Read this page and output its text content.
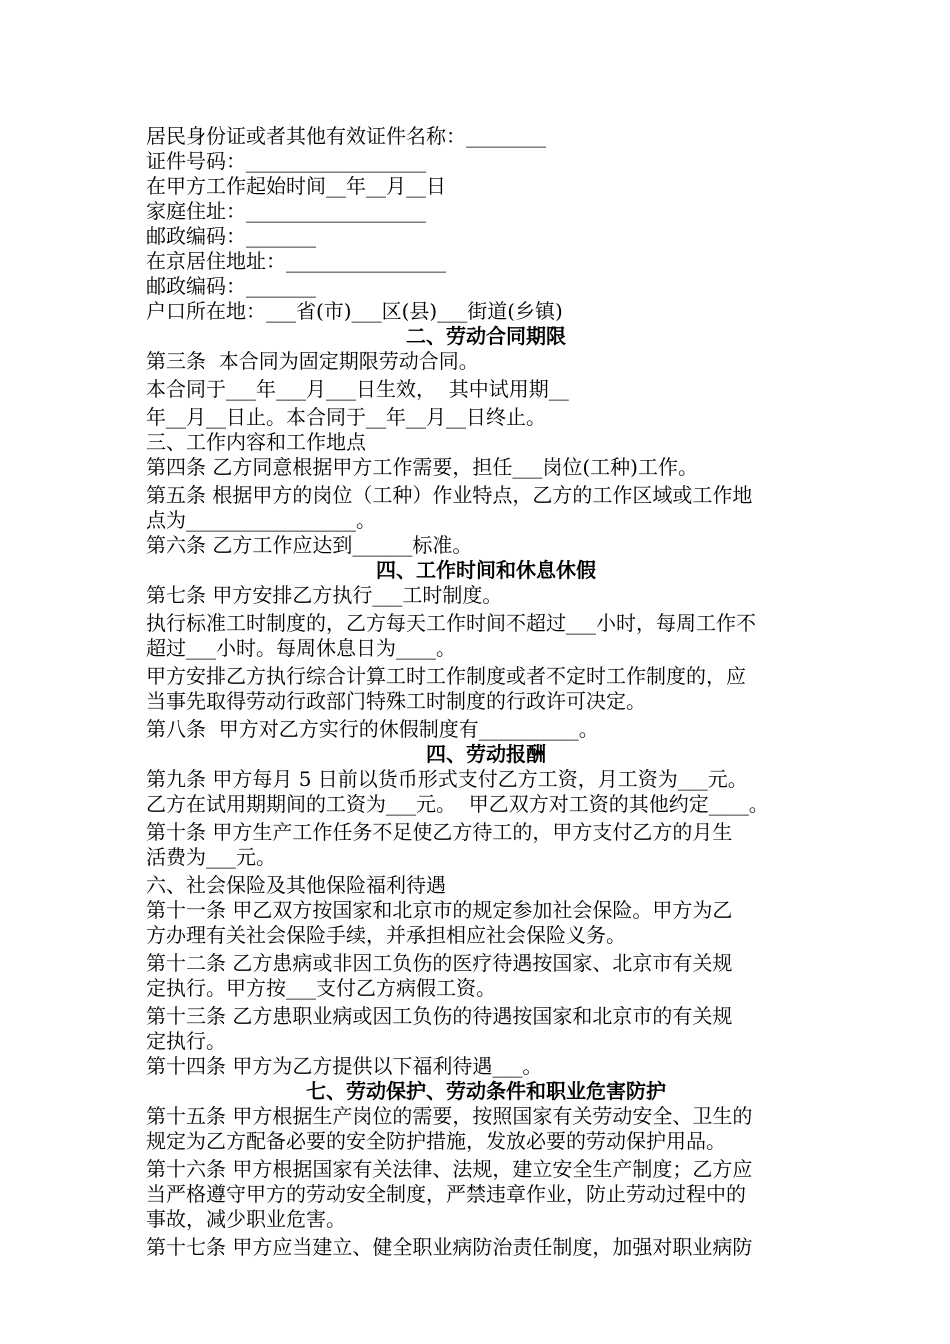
居民身份证或者其他有效证件名称：________
证件号码：__________________
在甲方工作起始时间__年__月__日
家庭住址：__________________
邮政编码：_______
在京居住地址：________________
邮政编码：_______
户口所在地：___省(市)___区(县)___街道(乡镇)
二、劳动合同期限
第三条  本合同为固定期限劳动合同。
本合同于___年___月___日生效，  其中试用期__
年__月__日止。本合同于__年__月__日终止。
三、工作内容和工作地点
第四条 乙方同意根据甲方工作需要，担任___岗位(工种)工作。
第五条 根据甲方的岗位（工种）作业特点，乙方的工作区域或工作地
点为_________________。
第六条 乙方工作应达到______标准。
四、工作时间和休息休假
第七条 甲方安排乙方执行___工时制度。
执行标准工时制度的，乙方每天工作时间不超过___小时，每周工作不
超过___小时。每周休息日为____。
甲方安排乙方执行综合计算工时工作制度或者不定时工作制度的，应
当事先取得劳动行政部门特殊工时制度的行政许可决定。
第八条  甲方对乙方实行的休假制度有__________。
四、劳动报酬
第九条 甲方每月 5 日前以货币形式支付乙方工资，月工资为___元。
乙方在试用期期间的工资为___元。  甲乙双方对工资的其他约定____。
第十条 甲方生产工作任务不足使乙方待工的，甲方支付乙方的月生
活费为___元。
六、社会保险及其他保险福利待遇
第十一条 甲乙双方按国家和北京市的规定参加社会保险。甲方为乙
方办理有关社会保险手续，并承担相应社会保险义务。
第十二条 乙方患病或非因工负伤的医疗待遇按国家、北京市有关规
定执行。甲方按___支付乙方病假工资。
第十三条 乙方患职业病或因工负伤的待遇按国家和北京市的有关规
定执行。
第十四条 甲方为乙方提供以下福利待遇___。
七、劳动保护、劳动条件和职业危害防护
第十五条 甲方根据生产岗位的需要，按照国家有关劳动安全、卫生的
规定为乙方配备必要的安全防护措施，发放必要的劳动保护用品。
第十六条 甲方根据国家有关法律、法规，建立安全生产制度；乙方应
当严格遵守甲方的劳动安全制度，严禁违章作业，防止劳动过程中的
事故，减少职业危害。
第十七条 甲方应当建立、健全职业病防治责任制度，加强对职业病防
